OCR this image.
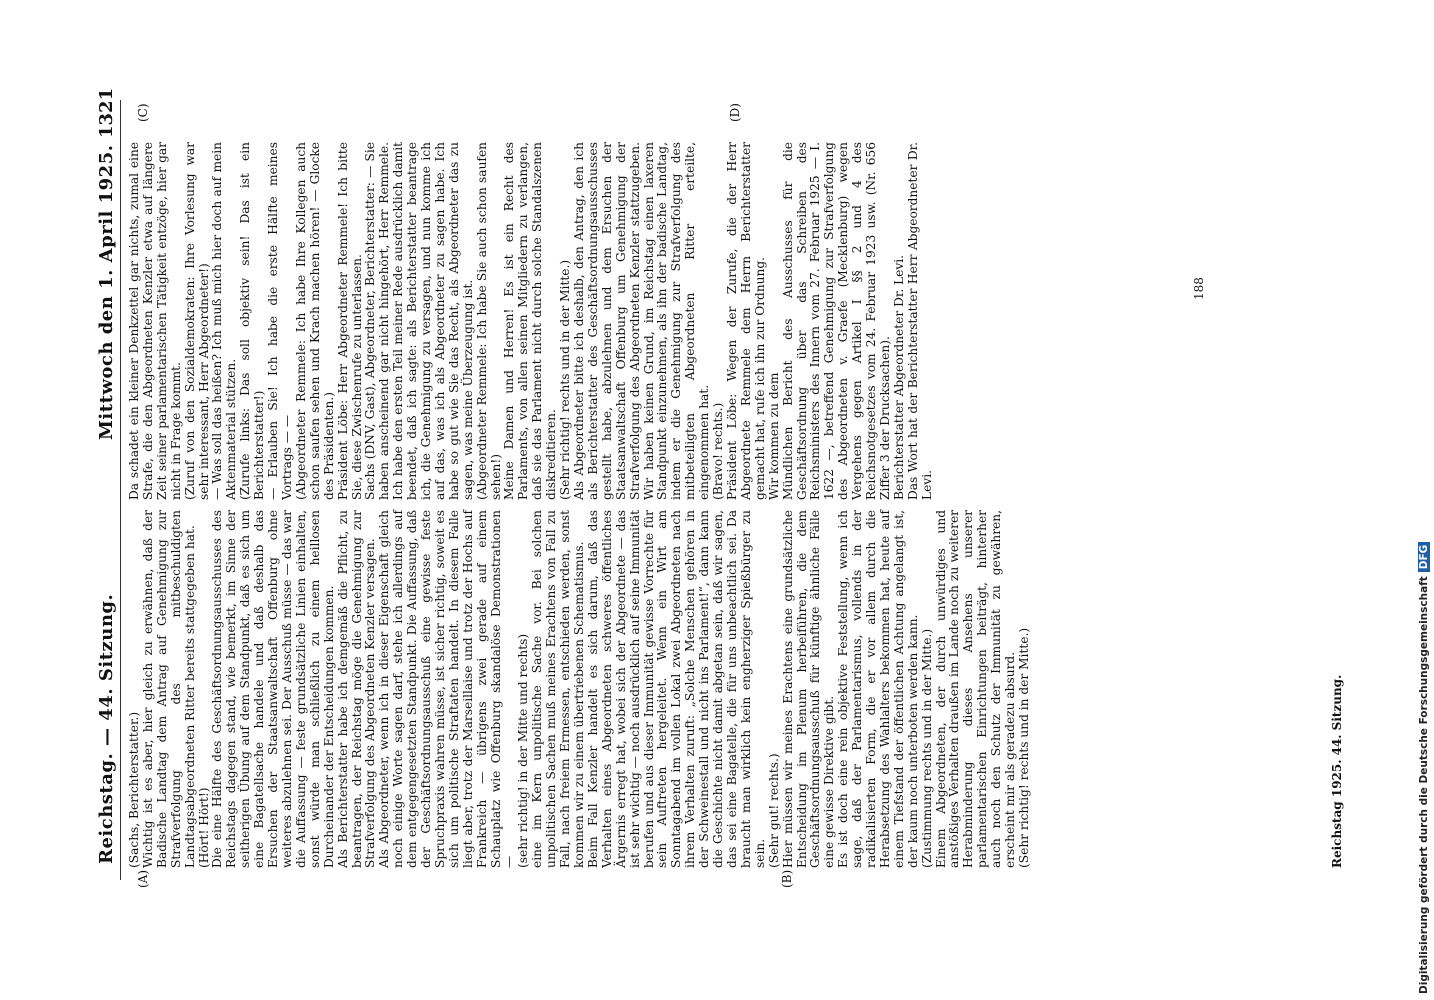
Reichstag. — 44. Sitzung.
Mittwoch den 1. April 1925.
1321
(A)	(B)
(C)	(D)
(Sachs, Berichterstatter.)
Wichtig ist es aber, hier gleich zu erwähnen, daß der Badische Landtag dem Antrag auf Genehmigung zur Strafverfolgung des mitbeschuldigten Landtagsabgeordneten Ritter bereits stattgegeben hat.
(Hört! Hört!)
Die eine Hälfte des Geschäftsordnungsausschusses des Reichstags dagegen stand, wie bemerkt, im Sinne der seitherigen Übung auf dem Standpunkt, daß es sich um eine Bagatellsache handele und daß deshalb das Ersuchen der Staatsanwaltschaft Offenburg ohne weiteres abzulehnen sei. Der Ausschuß müsse — das war die Auffassung — feste grundsätzliche Linien einhalten, sonst würde man schließlich zu einem heillosen Durcheinander der Entscheidungen kommen.
Als Berichterstatter habe ich demgemäß die Pflicht, zu beantragen, der Reichstag möge die Genehmigung zur Strafverfolgung des Abgeordneten Kenzler versagen.
Als Abgeordneter, wenn ich in dieser Eigenschaft gleich noch einige Worte sagen darf, stehe ich allerdings auf dem entgegengesetzten Standpunkt. Die Auffassung, daß der Geschäftsordnungsausschuß eine gewisse feste Spruchpraxis wahren müsse, ist sicher richtig, soweit es sich um politische Straftaten handelt. In diesem Falle liegt aber, trotz der Marseillaise und trotz der Hochs auf Frankreich — übrigens zwei gerade auf einem Schauplatz wie Offenburg skandalöse Demonstrationen —
(sehr richtig! in der Mitte und rechts)
eine im Kern unpolitische Sache vor. Bei solchen unpolitischen Sachen muß meines Erachtens von Fall zu Fall, nach freiem Ermessen, entschieden werden, sonst kommen wir zu einem übertriebenen Schematismus.
Beim Fall Kenzler handelt es sich darum, daß das Verhalten eines Abgeordneten schweres öffentliches Ärgernis erregt hat, wobei sich der Abgeordnete — das ist sehr wichtig — noch ausdrücklich auf seine Immunität berufen und aus dieser Immunität gewisse Vorrechte für sein Auftreten hergeleitet. Wenn ein Wirt am Sonntagabend im vollen Lokal zwei Abgeordneten nach ihrem Verhalten zuruft: „Solche Menschen gehören in der Schweinestall und nicht ins Parlament!“, dann kann die Geschichte nicht damit abgetan sein, daß wir sagen, das sei eine Bagatelle, die für uns unbeachtlich sei. Da braucht man wirklich kein engherziger Spießbürger zu sein.
(Sehr gut! rechts.)
Hier müssen wir meines Erachtens eine grundsätzliche Entscheidung im Plenum herbeiführen, die dem Geschäftsordnungsausschuß für künftige ähnliche Fälle eine gewisse Direktive gibt.
Es ist doch eine rein objektive Feststellung, wenn ich sage, daß der Parlamentarismus, vollends in der radikalisierten Form, die er vor allem durch die Herabsetzung des Wahlalters bekommen hat, heute auf einem Tiefstand der öffentlichen Achtung angelangt ist, der kaum noch unterboten werden kann.
(Zustimmung rechts und in der Mitte.)
Einem Abgeordneten, der durch unwürdiges und anstößiges Verhalten draußen im Lande noch zu weiterer Herabminderung dieses Ansehens unserer parlamentarischen Einrichtungen beiträgt, hinterher auch noch den Schutz der Immunität zu gewähren, erscheint mir als geradezu absurd.
(Sehr richtig! rechts und in der Mitte.)
Da schadet ein kleiner Denkzettel gar nichts, zumal eine Strafe, die den Abgeordneten Kenzler etwa auf längere Zeit seiner parlamentarischen Tätigkeit entzöge, hier gar nicht in Frage kommt.
(Zuruf von den Sozialdemokraten: Ihre Vorlesung war sehr interessant, Herr Abgeordneter!)
— Was soll das heißen? Ich muß mich hier doch auf mein Aktenmaterial stützen.
(Zurufe links: Das soll objektiv sein! Das ist ein Berichterstatter!)
— Erlauben Sie! Ich habe die erste Hälfte meines Vortrags — —
(Abgeordneter Remmele: Ich habe Ihre Kollegen auch schon saufen sehen und Krach machen hören! — Glocke des Präsidenten.)
Präsident Löbe: Herr Abgeordneter Remmele! Ich bitte Sie, diese Zwischenrufe zu unterlassen.
Sachs (DNV, Gast), Abgeordneter, Berichterstatter: — Sie haben anscheinend gar nicht hingehört, Herr Remmele. Ich habe den ersten Teil meiner Rede ausdrücklich damit beendet, daß ich sagte: als Berichterstatter beantrage ich, die Genehmigung zu versagen, und nun komme ich auf das, was ich als Abgeordneter zu sagen habe. Ich habe so gut wie Sie das Recht, als Abgeordneter das zu sagen, was meine Überzeugung ist.
(Abgeordneter Remmele: Ich habe Sie auch schon saufen sehen!)
Meine Damen und Herren! Es ist ein Recht des Parlaments, von allen seinen Mitgliedern zu verlangen, daß sie das Parlament nicht durch solche Standalszenen diskreditieren.
(Sehr richtig! rechts und in der Mitte.)
Als Abgeordneter bitte ich deshalb, den Antrag, den ich als Berichterstatter des Geschäftsordnungsausschusses gestellt habe, abzulehnen und dem Ersuchen der Staatsanwaltschaft Offenburg um Genehmigung der Strafverfolgung des Abgeordneten Kenzler stattzugeben. Wir haben keinen Grund, im Reichstag einen laxeren Standpunkt einzunehmen, als ihn der badische Landtag, indem er die Genehmigung zur Strafverfolgung des mitbeteiligten Abgeordneten Ritter erteilte, eingenommen hat.
(Bravo! rechts.)
Präsident Löbe: Wegen der Zurufe, die der Herr Abgeordnete Remmele dem Herrn Berichterstatter gemacht hat, rufe ich ihn zur Ordnung.
Wir kommen zu dem
Mündlichen Bericht des Ausschusses für die Geschäftsordnung über das Schreiben des Reichsministers des Innern vom 27. Februar 1925 — I. 1622 —, betreffend Genehmigung zur Strafverfolgung des Abgeordneten v. Graefe (Mecklenburg) wegen Vergehens gegen Artikel I §§ 2 und 4 des Reichsnotgesetzes vom 24. Februar 1923 usw. (Nr. 656 Ziffer 3 der Drucksachen).
Berichterstatter Abgeordneter Dr. Levi.
Das Wort hat der Berichterstatter Herr Abgeordneter Dr. Levi.
188
Reichstag 1925. 44. Sitzung.	Digitalisierung gefördert durch die Deutsche ForschungsgemeinschaftDFG
